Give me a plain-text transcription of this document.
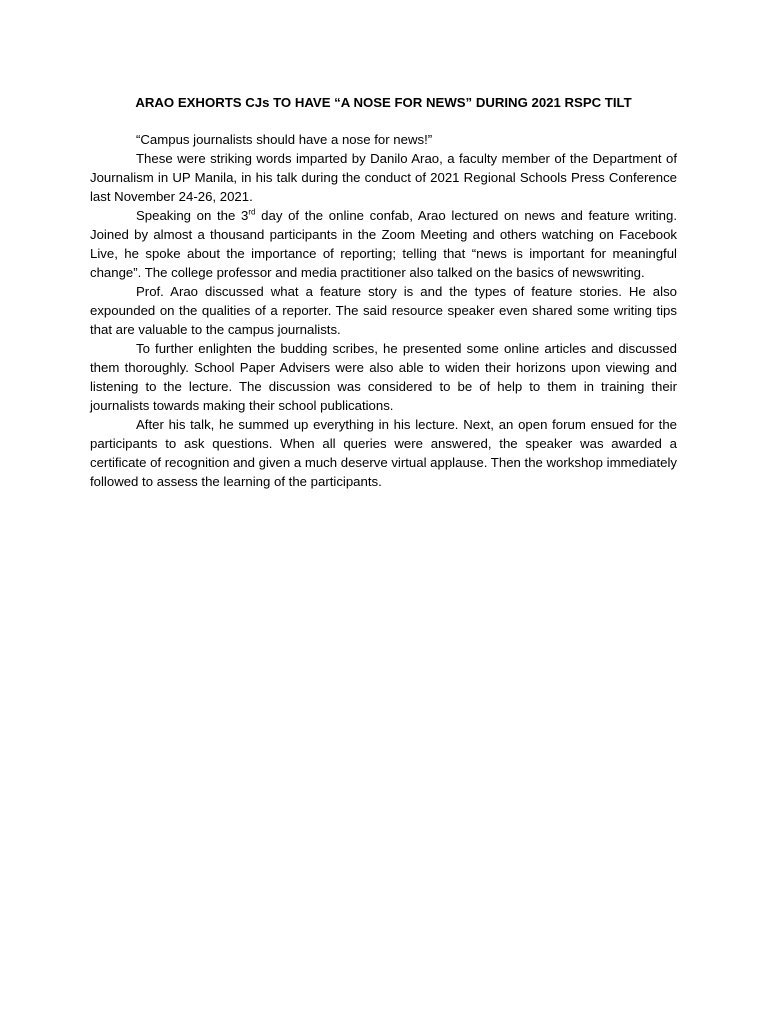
ARAO EXHORTS CJs TO HAVE “A NOSE FOR NEWS” DURING 2021 RSPC TILT

“Campus journalists should have a nose for news!”

These were striking words imparted by Danilo Arao, a faculty member of the Department of Journalism in UP Manila, in his talk during the conduct of 2021 Regional Schools Press Conference last November 24-26, 2021.

Speaking on the 3rd day of the online confab, Arao lectured on news and feature writing. Joined by almost a thousand participants in the Zoom Meeting and others watching on Facebook Live, he spoke about the importance of reporting; telling that “news is important for meaningful change”. The college professor and media practitioner also talked on the basics of newswriting.

Prof. Arao discussed what a feature story is and the types of feature stories. He also expounded on the qualities of a reporter. The said resource speaker even shared some writing tips that are valuable to the campus journalists.

To further enlighten the budding scribes, he presented some online articles and discussed them thoroughly. School Paper Advisers were also able to widen their horizons upon viewing and listening to the lecture. The discussion was considered to be of help to them in training their journalists towards making their school publications.

After his talk, he summed up everything in his lecture. Next, an open forum ensued for the participants to ask questions. When all queries were answered, the speaker was awarded a certificate of recognition and given a much deserve virtual applause. Then the workshop immediately followed to assess the learning of the participants.
